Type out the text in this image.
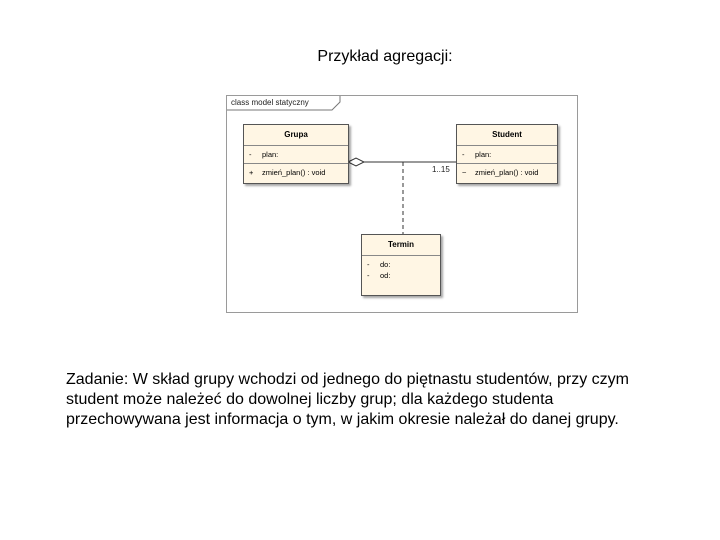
Przykład agregacji:
class model statyczny
Grupa
- plan:
+ zmień_plan() : void
Student
- plan:
~ zmień_plan() : void
1..15
Termin
- do:
- od:
Zadanie: W skład grupy wchodzi od jednego do piętnastu studentów, przy czym student może należeć do dowolnej liczby grup; dla każdego studenta przechowywana jest informacja o tym, w jakim okresie należał do danej grupy.
